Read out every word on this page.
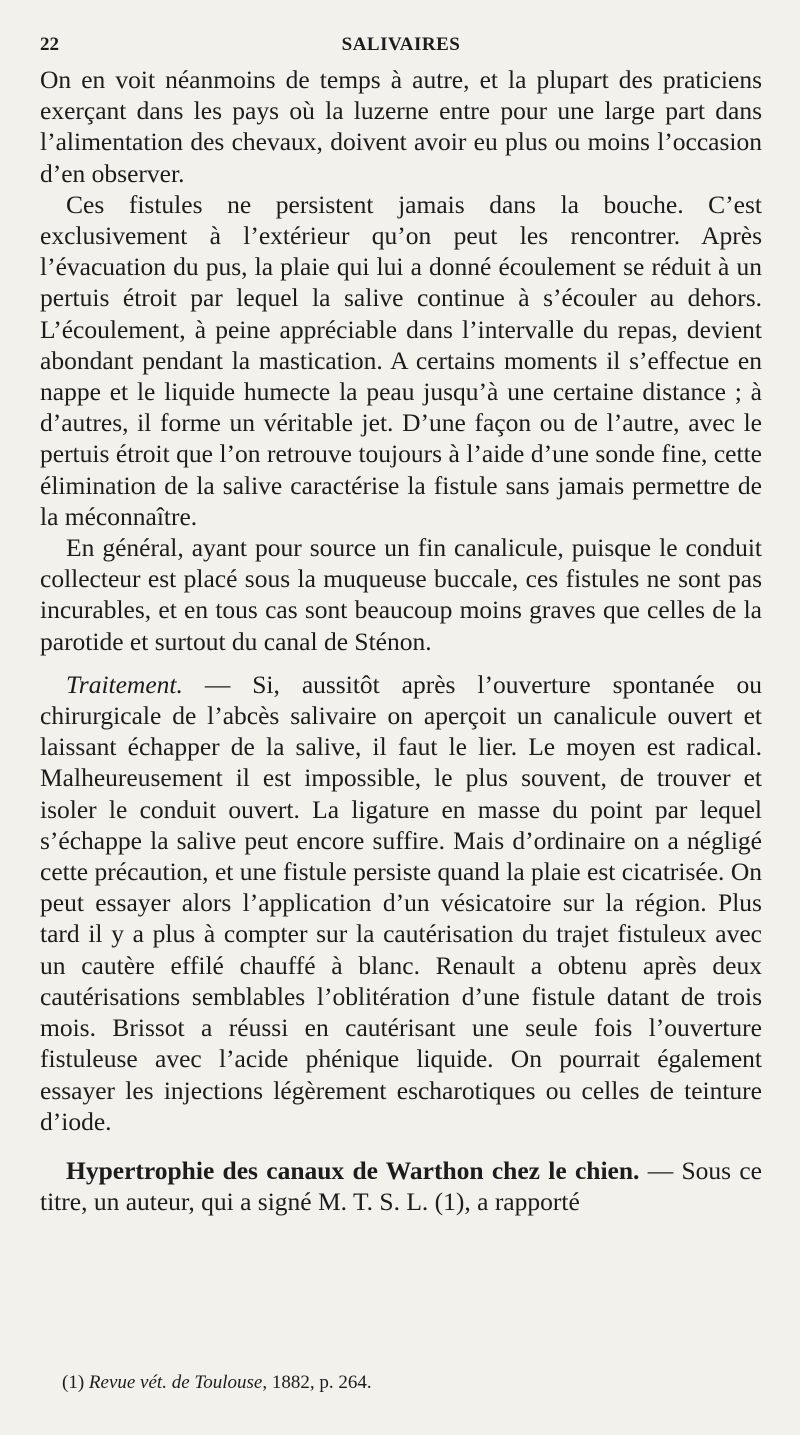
22	SALIVAIRES

On en voit néanmoins de temps à autre, et la plupart des praticiens exerçant dans les pays où la luzerne entre pour une large part dans l’alimentation des chevaux, doivent avoir eu plus ou moins l’occasion d’en observer.

Ces fistules ne persistent jamais dans la bouche. C’est exclusivement à l’extérieur qu’on peut les rencontrer. Après l’évacuation du pus, la plaie qui lui a donné écoulement se réduit à un pertuis étroit par lequel la salive continue à s’écouler au dehors. L’écoulement, à peine appréciable dans l’intervalle du repas, devient abondant pendant la mastication. A certains moments il s’effectue en nappe et le liquide humecte la peau jusqu’à une certaine distance ; à d’autres, il forme un véritable jet. D’une façon ou de l’autre, avec le pertuis étroit que l’on retrouve toujours à l’aide d’une sonde fine, cette élimination de la salive caractérise la fistule sans jamais permettre de la méconnaître.

En général, ayant pour source un fin canalicule, puisque le conduit collecteur est placé sous la muqueuse buccale, ces fistules ne sont pas incurables, et en tous cas sont beaucoup moins graves que celles de la parotide et surtout du canal de Sténon.

Traitement. — Si, aussitôt après l’ouverture spontanée ou chirurgicale de l’abcès salivaire on aperçoit un canalicule ouvert et laissant échapper de la salive, il faut le lier. Le moyen est radical. Malheureusement il est impossible, le plus souvent, de trouver et isoler le conduit ouvert. La ligature en masse du point par lequel s’échappe la salive peut encore suffire. Mais d’ordinaire on a négligé cette précaution, et une fistule persiste quand la plaie est cicatrisée. On peut essayer alors l’application d’un vésicatoire sur la région. Plus tard il y a plus à compter sur la cautérisation du trajet fistuleux avec un cautère effilé chauffé à blanc. Renault a obtenu après deux cautérisations semblables l’oblitération d’une fistule datant de trois mois. Brissot a réussi en cautérisant une seule fois l’ouverture fistuleuse avec l’acide phénique liquide. On pourrait également essayer les injections légèrement escharotiques ou celles de teinture d’iode.

Hypertrophie des canaux de Warthon chez le chien. — Sous ce titre, un auteur, qui a signé M. T. S. L. (1), a rapporté

(1) Revue vét. de Toulouse, 1882, p. 264.
